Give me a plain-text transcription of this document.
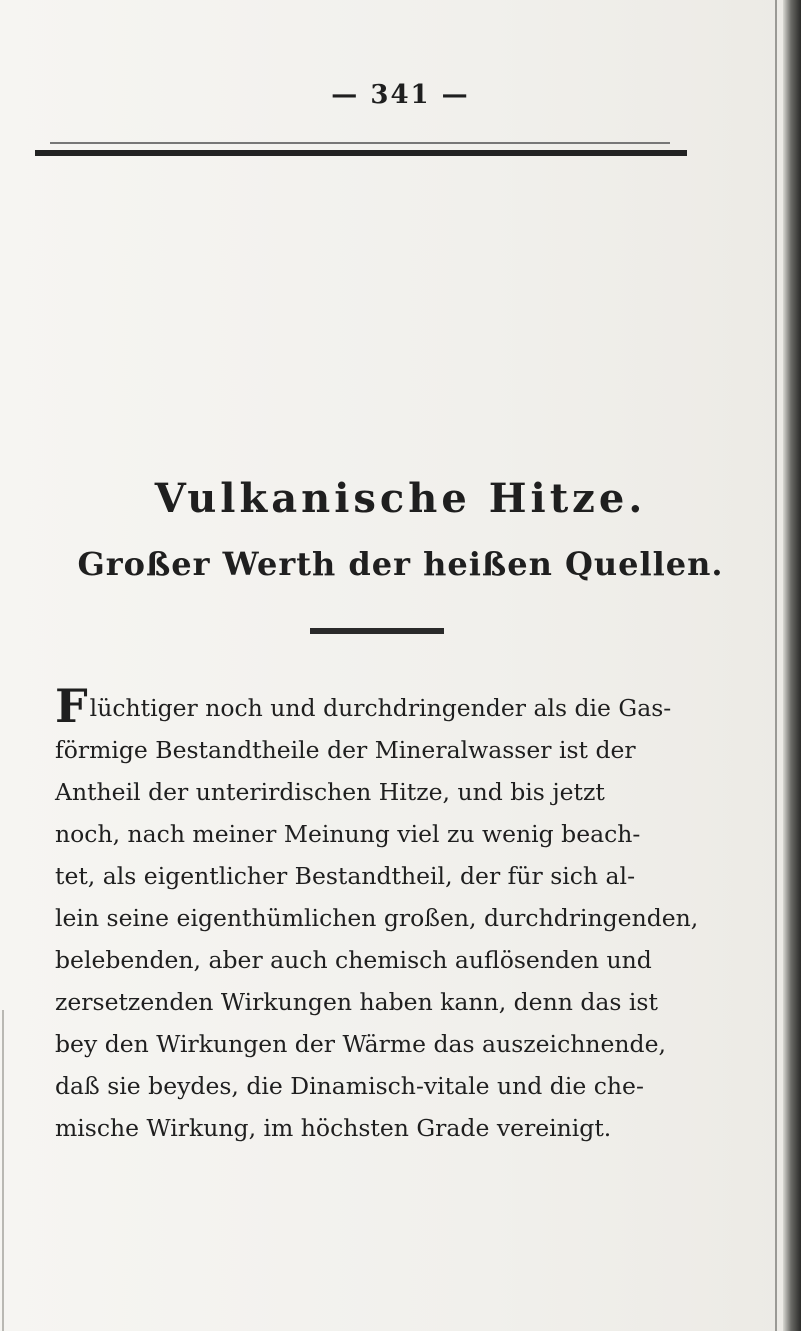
— 341 —
Vulkanische Hitze.
Großer Werth der heißen Quellen.
Flüchtiger noch und durchdringender als die Gas-
förmige Bestandtheile der Mineralwasser ist der
Antheil der unterirdischen Hitze, und bis jetzt
noch, nach meiner Meinung viel zu wenig beach-
tet, als eigentlicher Bestandtheil, der für sich al-
lein seine eigenthümlichen großen, durchdringenden,
belebenden, aber auch chemisch auflösenden und
zersetzenden Wirkungen haben kann, denn das ist
bey den Wirkungen der Wärme das auszeichnende,
daß sie beydes, die Dinamisch-vitale und die che-
mische Wirkung, im höchsten Grade vereinigt.
